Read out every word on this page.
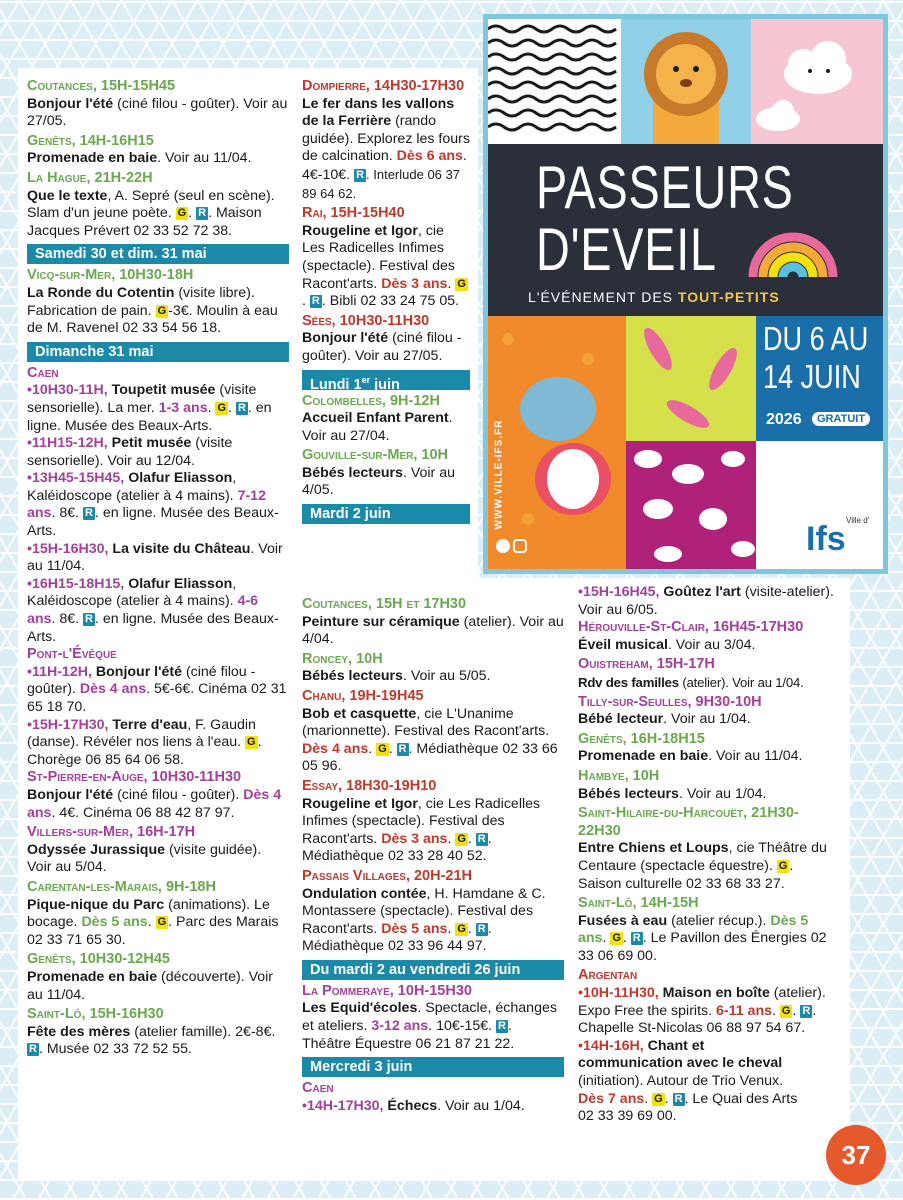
PASSEURS
D'EVEIL
L'ÉVÉNEMENT DES TOUT-PETITS
DU 6 AU
14 JUIN
2026	GRATUIT
WWW.VILLE-IFS.FR	Ville d'
Ifs

Coutances, 15H-15H45

Bonjour l'été (ciné filou - goûter). Voir au 27/05.

Genêts, 14H-16H15

Promenade en baie. Voir au 11/04.

La Hague, 21H-22H

Que le texte, A. Sepré (seul en scène). Slam d'un jeune poète. G . R . Maison Jacques Prévert 02 33 52 72 38.

Samedi 30 et dim. 31 mai

Vicq-sur-Mer, 10H30-18H

La Ronde du Cotentin (visite libre). Fabrication de pain. G -3€. Moulin à eau de M. Ravenel 02 33 54 56 18.

Dimanche 31 mai

Caen

•10H30-11H, Toupetit musée (visite sensorielle). La mer. 1-3 ans. G . R . en ligne. Musée des Beaux-Arts.

•11H15-12H, Petit musée (visite sensorielle). Voir au 12/04.

•13H45-15H45, Olafur Eliasson, Kaléidoscope (atelier à 4 mains). 7-12 ans. 8€. R . en ligne. Musée des Beaux-Arts.

•15H-16H30, La visite du Château. Voir au 11/04.

•16H15-18H15, Olafur Eliasson, Kaléidoscope (atelier à 4 mains). 4-6 ans. 8€. R . en ligne. Musée des Beaux-Arts.

Pont-l'Évêque

•11H-12H, Bonjour l'été (ciné filou - goûter). Dès 4 ans. 5€-6€. Cinéma 02 31 65 18 70.

•15H-17H30, Terre d'eau, F. Gaudin (danse). Révéler nos liens à l'eau. G . Chorège 06 85 64 06 58.

St-Pierre-en-Auge, 10H30-11H30

Bonjour l'été (ciné filou - goûter). Dès 4 ans. 4€. Cinéma 06 88 42 87 97.

Villers-sur-Mer, 16H-17H

Odyssée Jurassique (visite guidée). Voir au 5/04.

Carentan-les-Marais, 9H-18H

Pique-nique du Parc (animations). Le bocage. Dès 5 ans. G . Parc des Marais 02 33 71 65 30.

Genêts, 10H30-12H45

Promenade en baie (découverte). Voir au 11/04.

Saint-Lô, 15H-16H30

Fête des mères (atelier famille). 2€-8€. R . Musée 02 33 72 52 55.

Dompierre, 14H30-17H30

Le fer dans les vallons de la Ferrière (rando guidée). Explorez les fours de calcination. Dès 6 ans. 4€-10€. R . Interlude 06 37 89 64 62.

Rai, 15H-15H40

Rougeline et Igor, cie Les Radicelles Infimes (spectacle). Festival des Racont'arts. Dès 3 ans. G. R . Bibli 02 33 24 75 05.

Sées, 10H30-11H30

Bonjour l'été (ciné filou - goûter). Voir au 27/05.

Lundi 1er juin

Colombelles, 9H-12H

Accueil Enfant Parent. Voir au 27/04.

Gouville-sur-Mer, 10H

Bébés lecteurs. Voir au 4/05.

Mardi 2 juin

Coutances, 15H et 17H30

Peinture sur céramique (atelier). Voir au 4/04.

Roncey, 10H

Bébés lecteurs. Voir au 5/05.

Chanu, 19H-19H45

Bob et casquette, cie L'Unanime (marionnette). Festival des Racont'arts. Dès 4 ans. G . R . Médiathèque 02 33 66 05 96.

Essay, 18H30-19H10

Rougeline et Igor, cie Les Radicelles Infimes (spectacle). Festival des Racont'arts. Dès 3 ans. G . R . Médiathèque 02 33 28 40 52.

Passais Villages, 20H-21H

Ondulation contée, H. Hamdane & C. Montassere (spectacle). Festival des Racont'arts. Dès 5 ans. G . R . Médiathèque 02 33 96 44 97.

Du mardi 2 au vendredi 26 juin

La Pommeraye, 10H-15H30

Les Equid'écoles. Spectacle, échanges et ateliers. 3-12 ans. 10€-15€. R . Théâtre Équestre 06 21 87 21 22.

Mercredi 3 juin

Caen

•14H-17H30, Échecs. Voir au 1/04.

•15H-16H45, Goûtez l'art (visite-atelier). Voir au 6/05.

Hérouville-St-Clair, 16H45-17H30

Éveil musical. Voir au 3/04.

Ouistreham, 15H-17H

Rdv des familles (atelier). Voir au 1/04.

Tilly-sur-Seulles, 9H30-10H

Bébé lecteur. Voir au 1/04.

Genêts, 16H-18H15

Promenade en baie. Voir au 11/04.

Hambye, 10H

Bébés lecteurs. Voir au 1/04.

Saint-Hilaire-du-Harcouët, 21H30-22H30

Entre Chiens et Loups, cie Théâtre du Centaure (spectacle équestre). G . Saison culturelle 02 33 68 33 27.

Saint-Lô, 14H-15H

Fusées à eau (atelier récup.). Dès 5 ans. G . R . Le Pavillon des Énergies 02 33 06 69 00.

Argentan

•10H-11H30, Maison en boîte (atelier). Expo Free the spirits. 6-11 ans. G . R . Chapelle St-Nicolas 06 88 97 54 67.

•14H-16H, Chant et communication avec le cheval (initiation). Autour de Trio Venux. Dès 7 ans. G . R . Le Quai des Arts 02 33 39 69 00.

37
